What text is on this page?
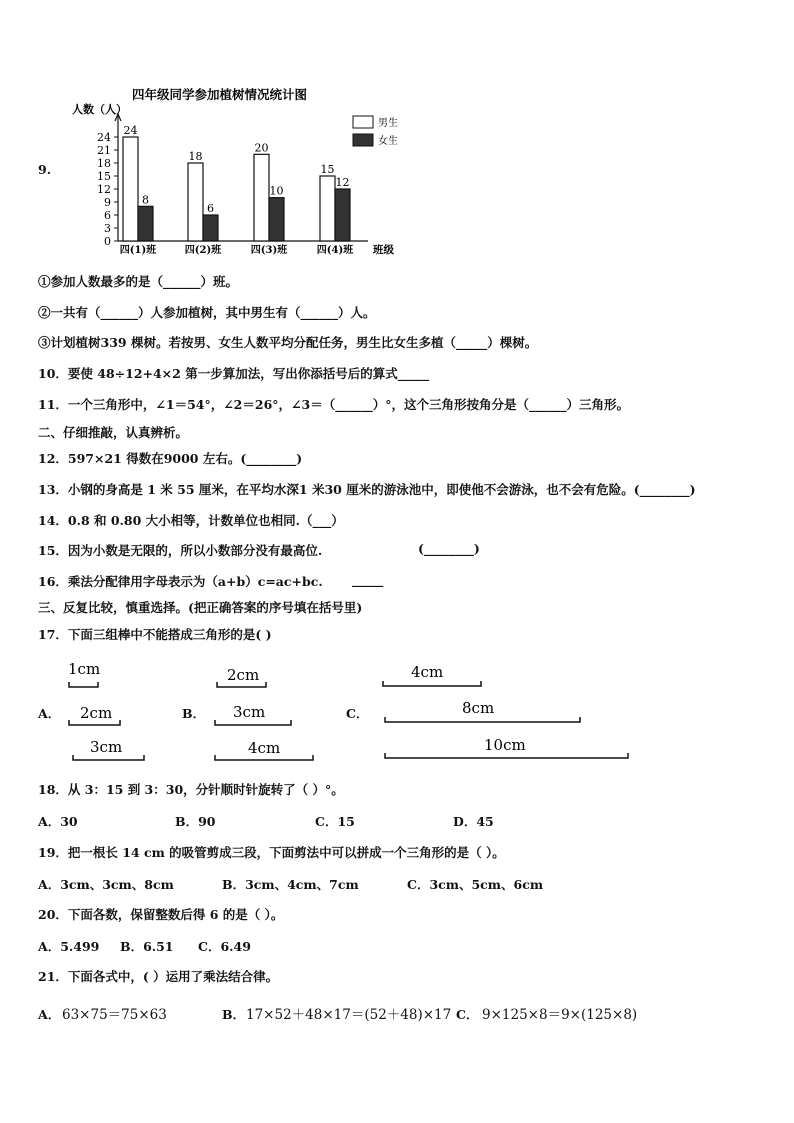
9.
四年级同学参加植树情况统计图
人数（人）
0
3
6
9
12
15
18
21
24
24
8
18
6
20
10
15
12
四(1)班	四(2)班	四(3)班	四(4)班 班级
男生
女生
①参加人数最多的是（______）班。
②一共有（______）人参加植树，其中男生有（______）人。
③计划植树339 棵树。若按男、女生人数平均分配任务，男生比女生多植（_____）棵树。
10．要使 48÷12+4×2 第一步算加法，写出你添括号后的算式_____
11．一个三角形中，∠1＝54°，∠2＝26°，∠3＝（______）°，这个三角形按角分是（______）三角形。
二、仔细推敲，认真辨析。
12．597×21 得数在9000 左右。(________)
13．小钢的身高是 1 米 55 厘米，在平均水深1 米30 厘米的游泳池中，即使他不会游泳，也不会有危险。(________)
14．0.8 和 0.80 大小相等，计数单位也相同.（___）
15．因为小数是无限的，所以小数部分没有最高位.	(________)
16．乘法分配律用字母表示为（a+b）c=ac+bc. _____
三、反复比较，慎重选择。(把正确答案的序号填在括号里)
17．下面三组棒中不能搭成三角形的是( )
A．	B．	C．
1cm
2cm
3cm
2cm
3cm
4cm
4cm
8cm
10cm
18．从 3：15 到 3：30，分针顺时针旋转了（ ）°。
A．30	B．90	C．15	D．45
19．把一根长 14 cm 的吸管剪成三段，下面剪法中可以拼成一个三角形的是（ ）。
A．3cm、3cm、8cm	B．3cm、4cm、7cm	C．3cm、5cm、6cm
20．下面各数，保留整数后得 6 的是（ ）。
A．5.499 B．6.51 C．6.49
21．下面各式中，( ）运用了乘法结合律。
A． 63×75＝75×63	B． 17×52＋48×17＝(52＋48)×17 C． 9×125×8＝9×(125×8)
